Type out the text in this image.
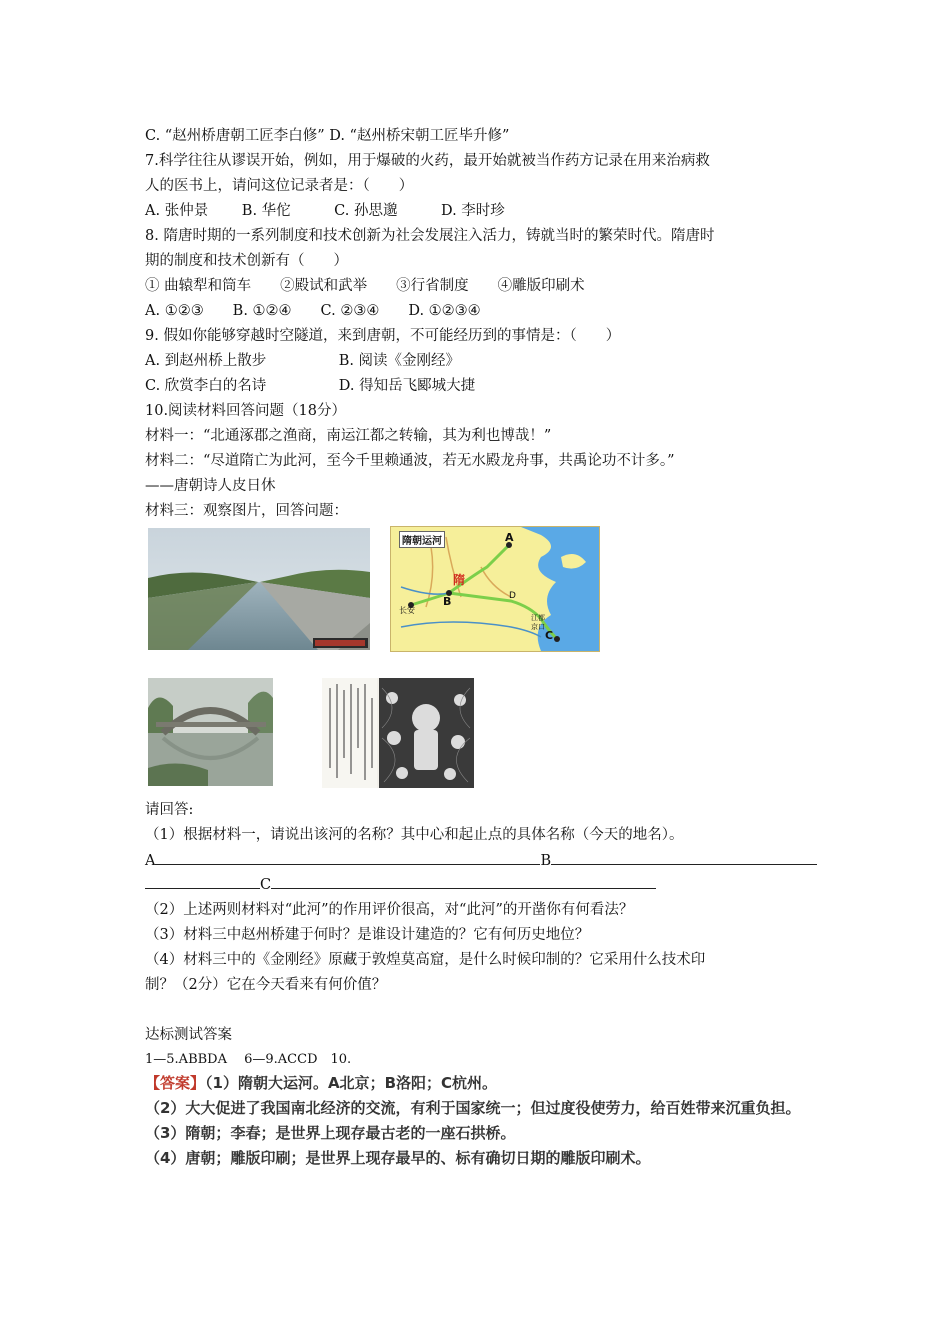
C. “赵州桥唐朝工匠李白修” D. “赵州桥宋朝工匠毕升修”
7.科学往往从谬误开始，例如，用于爆破的火药，最开始就被当作药方记录在用来治病救
人的医书上，请问这位记录者是：（　　）
A. 张仲景　　 B. 华佗　　　C. 孙思邈　　　D. 李时珍
8. 隋唐时期的一系列制度和技术创新为社会发展注入活力，铸就当时的繁荣时代。隋唐时
期的制度和技术创新有（　　）
① 曲辕犁和筒车　　②殿试和武举　　③行省制度　　④雕版印刷术
A. ①②③　　B. ①②④　　C. ②③④　　D. ①②③④
9. 假如你能够穿越时空隧道，来到唐朝，不可能经历到的事情是：（　　）
A. 到赵州桥上散步　　　　　B. 阅读《金刚经》
C. 欣赏李白的名诗　　　　　D. 得知岳飞郾城大捷
10.阅读材料回答问题（18分）
材料一：“北通涿郡之渔商，南运江都之转输，其为利也博哉！”
材料二：“尽道隋亡为此河，至今千里赖通波，若无水殿龙舟事，共禹论功不计多。”
——唐朝诗人皮日休
材料三：观察图片，回答问题：
隋朝运河
隋
长安
A
B
C
D
江都
京口
请回答:
（1）根据材料一，请说出该河的名称？其中心和起止点的具体名称（今天的地名）。
A	B
C
（2）上述两则材料对“此河”的作用评价很高，对“此河”的开凿你有何看法？
（3）材料三中赵州桥建于何时？是谁设计建造的？它有何历史地位？
（4）材料三中的《金刚经》原藏于敦煌莫高窟，是什么时候印制的？它采用什么技术印
制？（2分）它在今天看来有何价值？
达标测试答案
1—5.ABBDA　 6—9.ACCD　10.
【答案】（1）隋朝大运河。A北京；B洛阳；C杭州。
（2）大大促进了我国南北经济的交流，有利于国家统一；但过度役使劳力，给百姓带来沉重负担。
（3）隋朝；李春；是世界上现存最古老的一座石拱桥。
（4）唐朝；雕版印刷；是世界上现存最早的、标有确切日期的雕版印刷术。
